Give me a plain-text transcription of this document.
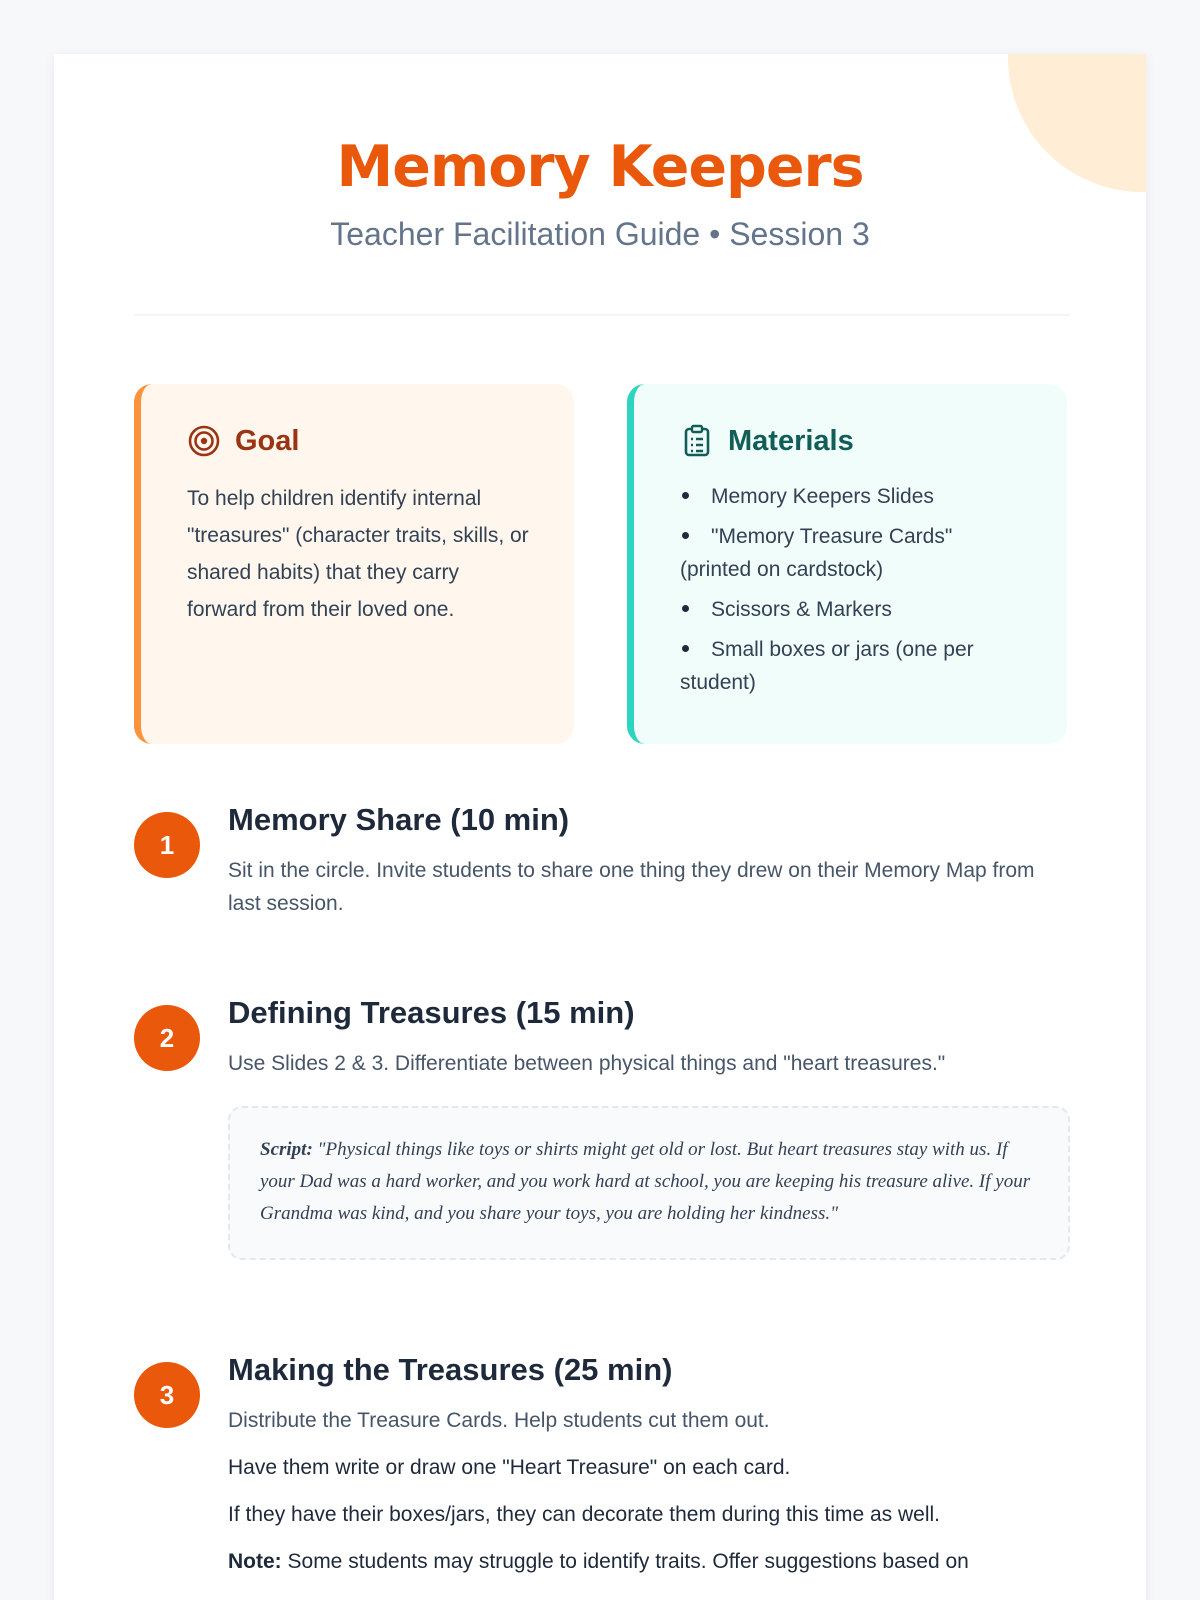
Memory Keepers
Teacher Facilitation Guide • Session 3
Goal

To help children identify internal "treasures" (character traits, skills, or shared habits) that they carry forward from their loved one.

Materials
Memory Keepers Slides
"Memory Treasure Cards" (printed on cardstock)
Scissors & Markers
Small boxes or jars (one per student)
1
Memory Share (10 min)

Sit in the circle. Invite students to share one thing they drew on their Memory Map from last session.

2
Defining Treasures (15 min)

Use Slides 2 & 3. Differentiate between physical things and "heart treasures."

Script: "Physical things like toys or shirts might get old or lost. But heart treasures stay with us. If your Dad was a hard worker, and you work hard at school, you are keeping his treasure alive. If your Grandma was kind, and you share your toys, you are holding her kindness."
3
Making the Treasures (25 min)

Distribute the Treasure Cards. Help students cut them out.

Have them write or draw one "Heart Treasure" on each card.

If they have their boxes/jars, they can decorate them during this time as well.

Note: Some students may struggle to identify traits. Offer suggestions based on
